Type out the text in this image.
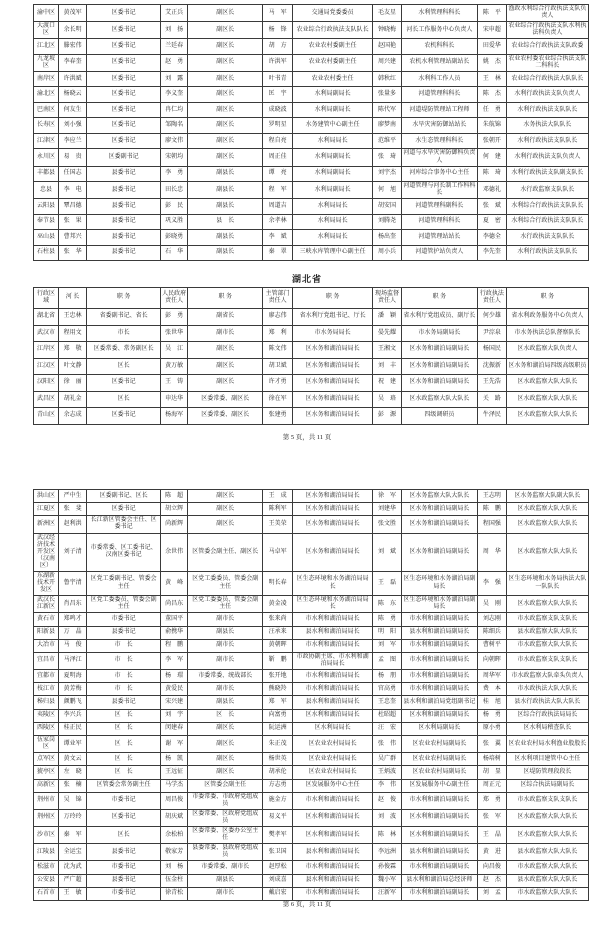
渝中区	黄茂军	区委书记	艾正兵	副区长	马　军	交通局党委委员	毛友星	水利管理科科长	陈　平	渔政水利综合行政执法支队负责人
大渡口区	余长明	区委书记	刘　扬	副区长	杨　锋	农业综合行政执法支队队长	钟晓梅	河长工作服务中心负责人	宋申超	农业综合行政执法支队水利执法科负责人
江北区	滕宏伟	区委书记	兰廷春	副区长	胡　方	农业农村委副主任	赵国艳	农机科科长	田爱华	农业综合行政执法支队政委
九龙坡区	李春奎	区委书记	赵　勇	副区长	许洪军	农业农村委副主任	周兴建	农机水利管理站副站长	姚　杰	农业农村委农业综合执法支队二科科长
南岸区	许洪斌	区委书记	刘　露	副区长	叶书青	农业农村委主任	韩秋红	水利科工作人员	王　林	农业综合行政执法大队队长
渝北区	杨晓云	区委书记	李义奎	副区长	匡　宇	水利局副局长	张量多	河道管理科科长	陈　杰	水利行政执法支队负责人
巴南区	何友生	区委书记	冉仁均	副区长	成晓波	水利局副局长	陈代军	河道堤防管理站工程师	任　勇	水利行政执法支队队长
长寿区	刘小强	区委书记	邹陶名	副区长	罗明星	水务建管中心副主任	廖梦南	水旱灾害防御站站长	朱航锦	水务执法大队队长
江津区	李应兰	区委书记	廖文伟	副区长	程自亮	水利局局长	范维平	水生态管理科科长	张朝开	水利行政执法支队队长
永川区	易　贵	区委副书记	宋朝均	副区长	周正佳	水利局副局长	张　琦	河道与水旱灾害防御科负责人	何　建	水利行政执法支队负责人
丰都县	任国志	县委书记	李　勇	副县长	谭　亮	水利局副局长	刘宇杰	河库综合事务中心主任	陈　琦	水利行政执法支队副支队长
忠县	李　电	县委书记	田长忠	副县长	程　军	水利局副局长	何　旭	河道管理与河长制工作科科长	邓德礼	水行政监察支队队长
云阳县	覃昌德	县委书记	彭　民	副县长	周道吉	水利局局长	胡安国	河道管理科副科长	张　斌	水利综合行政执法支队队长
奉节县	张　果	县委书记	巩义胜	县　长	余孝林	水利局局长	刘腾尧	河道管理科科长	夏　密	水利综合行政执法支队队长
巫山县	曹邦兴	县委书记	彭晓勇	副县长	李　斌	水利局局长	杨出奎	河道管理站站长	李德全	水行政执法支队队长
石柱县	张　华	县委书记	石　华	副县长	秦　翠	三峡水库管理中心副主任	周小兵	河道管护站负责人	李先奎	水利行政执法支队队长
湖北省
行政区域	河 长	职 务	人民政府责任人	职 务	主管部门责任人	职 务	现场监督责任人	职 务	行政执法责任人	职 务
湖北省	王忠林	省委副书记、省长	彭　勇	副省长	廖志伟	省水利厅党组书记、厅长	潘　颖	省水利厅党组成员、副厅长	何少雄	省水利政务服务中心负责人
武汉市	程用文	市长	张世华	副市长	郑　利	市水务局局长	晏先耀	市水务局副局长	尹淙泉	市水务执法总队督察队长
江岸区	郑　敬	区委常委、常务副区长	吴　江	副区长	陈文伟	区水务和湖泊局局长	王湘文	区水务和湖泊局副局长	杨国民	区水政监察大队负责人
江汉区	叶文静	区长	黄万敏	副区长	胡卫斌	区水务和湖泊局局长	刘　丰	区水务和湖泊局副局长	沈振新	区水务和湖泊局四级高级职员
汉阳区	徐　丽	区委书记	王　铸	副区长	许才勇	区水务和湖泊局局长	祝　建	区水务和湖泊局副局长	王先浩	区水政监察大队大队长
武昌区	胡礼金	区长	申达华	区委常委、副区长	徐在军	区水务和湖泊局局长	吴　珞	区水政监察大队大队长	关　路	区水政监察大队大队长
青山区	余志成	区委书记	杨海军	区委常委、副区长	张建勇	区水务和湖泊局局长	彭　源	四级调研员	牛泽民	区水政监察大队大队长
第 5 页，共 11 页
洪山区	严中生	区委副书记、区长	陈　超	副区长	王　成	区水务和湖泊局局长	徐　军	区水务监察大队大队长	王志明	区水务监察大队副大队长
江夏区	张　斐	区委书记	胡立辉	副区长	陈利军	区水务和湖泊局局长	刘建华	区水务和湖泊局副局长	陈　鹏	区水政监察大队大队长
新洲区	赵利洪	长江新区管委会主任、区委书记	尚新辉	副区长	王美荣	区水务和湖泊局局长	张文胜	区水务和湖泊局副局长	程国强	区水政监察大队大队长
武汉经济技术开发区（汉南区）	刘子清	市委常委、区工委书记、汉南区委书记	余世伟	区管委会副主任、副区长	马卓军	区水务和湖泊局局长	刘　斌	区水务和湖泊局副局长	周　华	区水政监察大队大队长
东湖新技术开发区	鲁宇清	区党工委副书记、管委会主任	黄　峰	区党工委委员、管委会副主任	明长春	区生态环境和水务湖泊局局长	王　磊	区生态环境和水务湖泊局副局长	李　强	区生态环境和水务局执法大队一队队长
武汉长江新区	肖昌东	区党工委委员、管委会副主任	尚昌东	区党工委委员、管委会副主任	黄金凌	区生态环境和水务湖泊局局长	陈　东	区生态环境和水务湖泊局副局长	吴　刚	区水政监察大队大队长
黄石市	郑鸣才	市委书记	董国平	副市长	张来尚	市水利和湖泊局局长	陈　勇	市水利和湖泊局副局长	刘志刚	市水政监察支队支队长
阳新县	万　晶	县委书记	俞携华	副县长	汪承来	县水利和湖泊局局长	明　阳	县水利和湖泊局副局长	陈细兵	县水政监察大队大队长
大冶市	马　俊	市　长	程　鹏	副市长	黄朝晖	市水利和湖泊局局长	刘　军	市水利和湖泊局副局长	曹树平	市水政监察大队大队长
宜昌市	马泽江	市　长	李　军	副市长	靳　鹏	市政协副主席、市水利和湖泊局局长	孟　图	市水利和湖泊局副局长	向朝晖	市水政监察支队支队长
宜都市	夏明海	市　长	杨　璟	市委常委、统战部长	张开地	市水利和湖泊局局长	杨　朋	市水利和湖泊局副局长	周华军	市水政监察大队牵头负责人
枝江市	黄芳梅	市　长	黄爱民	副市长	熊晓羚	市水利和湖泊局局长	官高勇	市水利和湖泊局副局长	费　本	市水政执法大队大队长
秭归县	颜鹏飞	县委书记	宋兴建	副县长	郑　军	县水利和湖泊局局长	王忠奎	县水利和湖泊局党组副书记	桂　旭	县水行政执法大队大队长
夷陵区	李兴兵	区　长	刘　宇	区　长	向富勇	区水利和湖泊局局长	杜昭超	区水利和湖泊局副局长	杨　勇	区综合行政执法局局长
西陵区	桂正民	区　长	闵建春	副区长	阮运洲	区水利局局长	汪　宏	区水利局副局长	原小勇	区水利局稽查队长
伍家岗区	谭业军	区　长	谢　军	副区长	朱正茂	区农业农村局局长	张　伟	区农业农村局副局长	张　翼	区农业农村局水利渔业股股长
点军区	黄文云	区　长	杨　凯	副区长	杨世英	区农业农村局局长	吴广群	区农业农村局副局长	杨培树	区水利项目建管中心主任
猇亭区	左　晓	区　长	王远征	副区长	胡承伦	区农业农村局局长	王炳波	区农业农村局副局长	胡　显	区堤防管理段段长
高新区	张　楠	区管委会常务副主任	马学杰	区管委会副主任	方志勇	区发展服务中心主任	李　伟	区发展服务中心副主任	周正元	区综合执法局副局长
荆州市	吴　锦	市委书记	周昌俊	市委常委、市政府党组成员	施金方	市水利和湖泊局局长	赵　俊	市水利和湖泊局副局长	郑　勇	市水政监察支队支队长
荆州区	万玲玲	区委书记	胡庆斌	区委常委、区政府党组成员	易义平	区水利和湖泊局局长	刘　波	区水利和湖泊局副局长	张　军	区水政监察大队大队长
沙市区	秦　军	区长	余松柏	区委常委、区委办公室主任	樊孝军	区水利和湖泊局局长	陈　林	区水利和湖泊局副局长	王　晶	区水政监察大队大队长
江陵县	全运宝	县委书记	敬家芳	县委常委、县政府党组成员	张卫国	县水利和湖泊局局长	李远洲	县水利和湖泊局副局长	黄　进	县水政监察大队大队长
松滋市	沈为武	市委书记	刘　杨	市委常委、副市长	赵厚松	市水利和湖泊局局长	孙俊霖	市水利和湖泊局副局长	向昌俊	市水政监察大队大队长
公安县	严广超	县委书记	伍金柱	副县长	刘成喜	县水利和湖泊局局长	魏小军	县水利和湖泊局总经济师	赵　杰	县水政监察大队大队长
石首市	王　敏	市委书记	徐青松	副市长	戴启宏	市水利和湖泊局局长	汪新军	市水利和湖泊局副局长	刘　孟	市水政监察大队大队长
第 6 页，共 11 页
